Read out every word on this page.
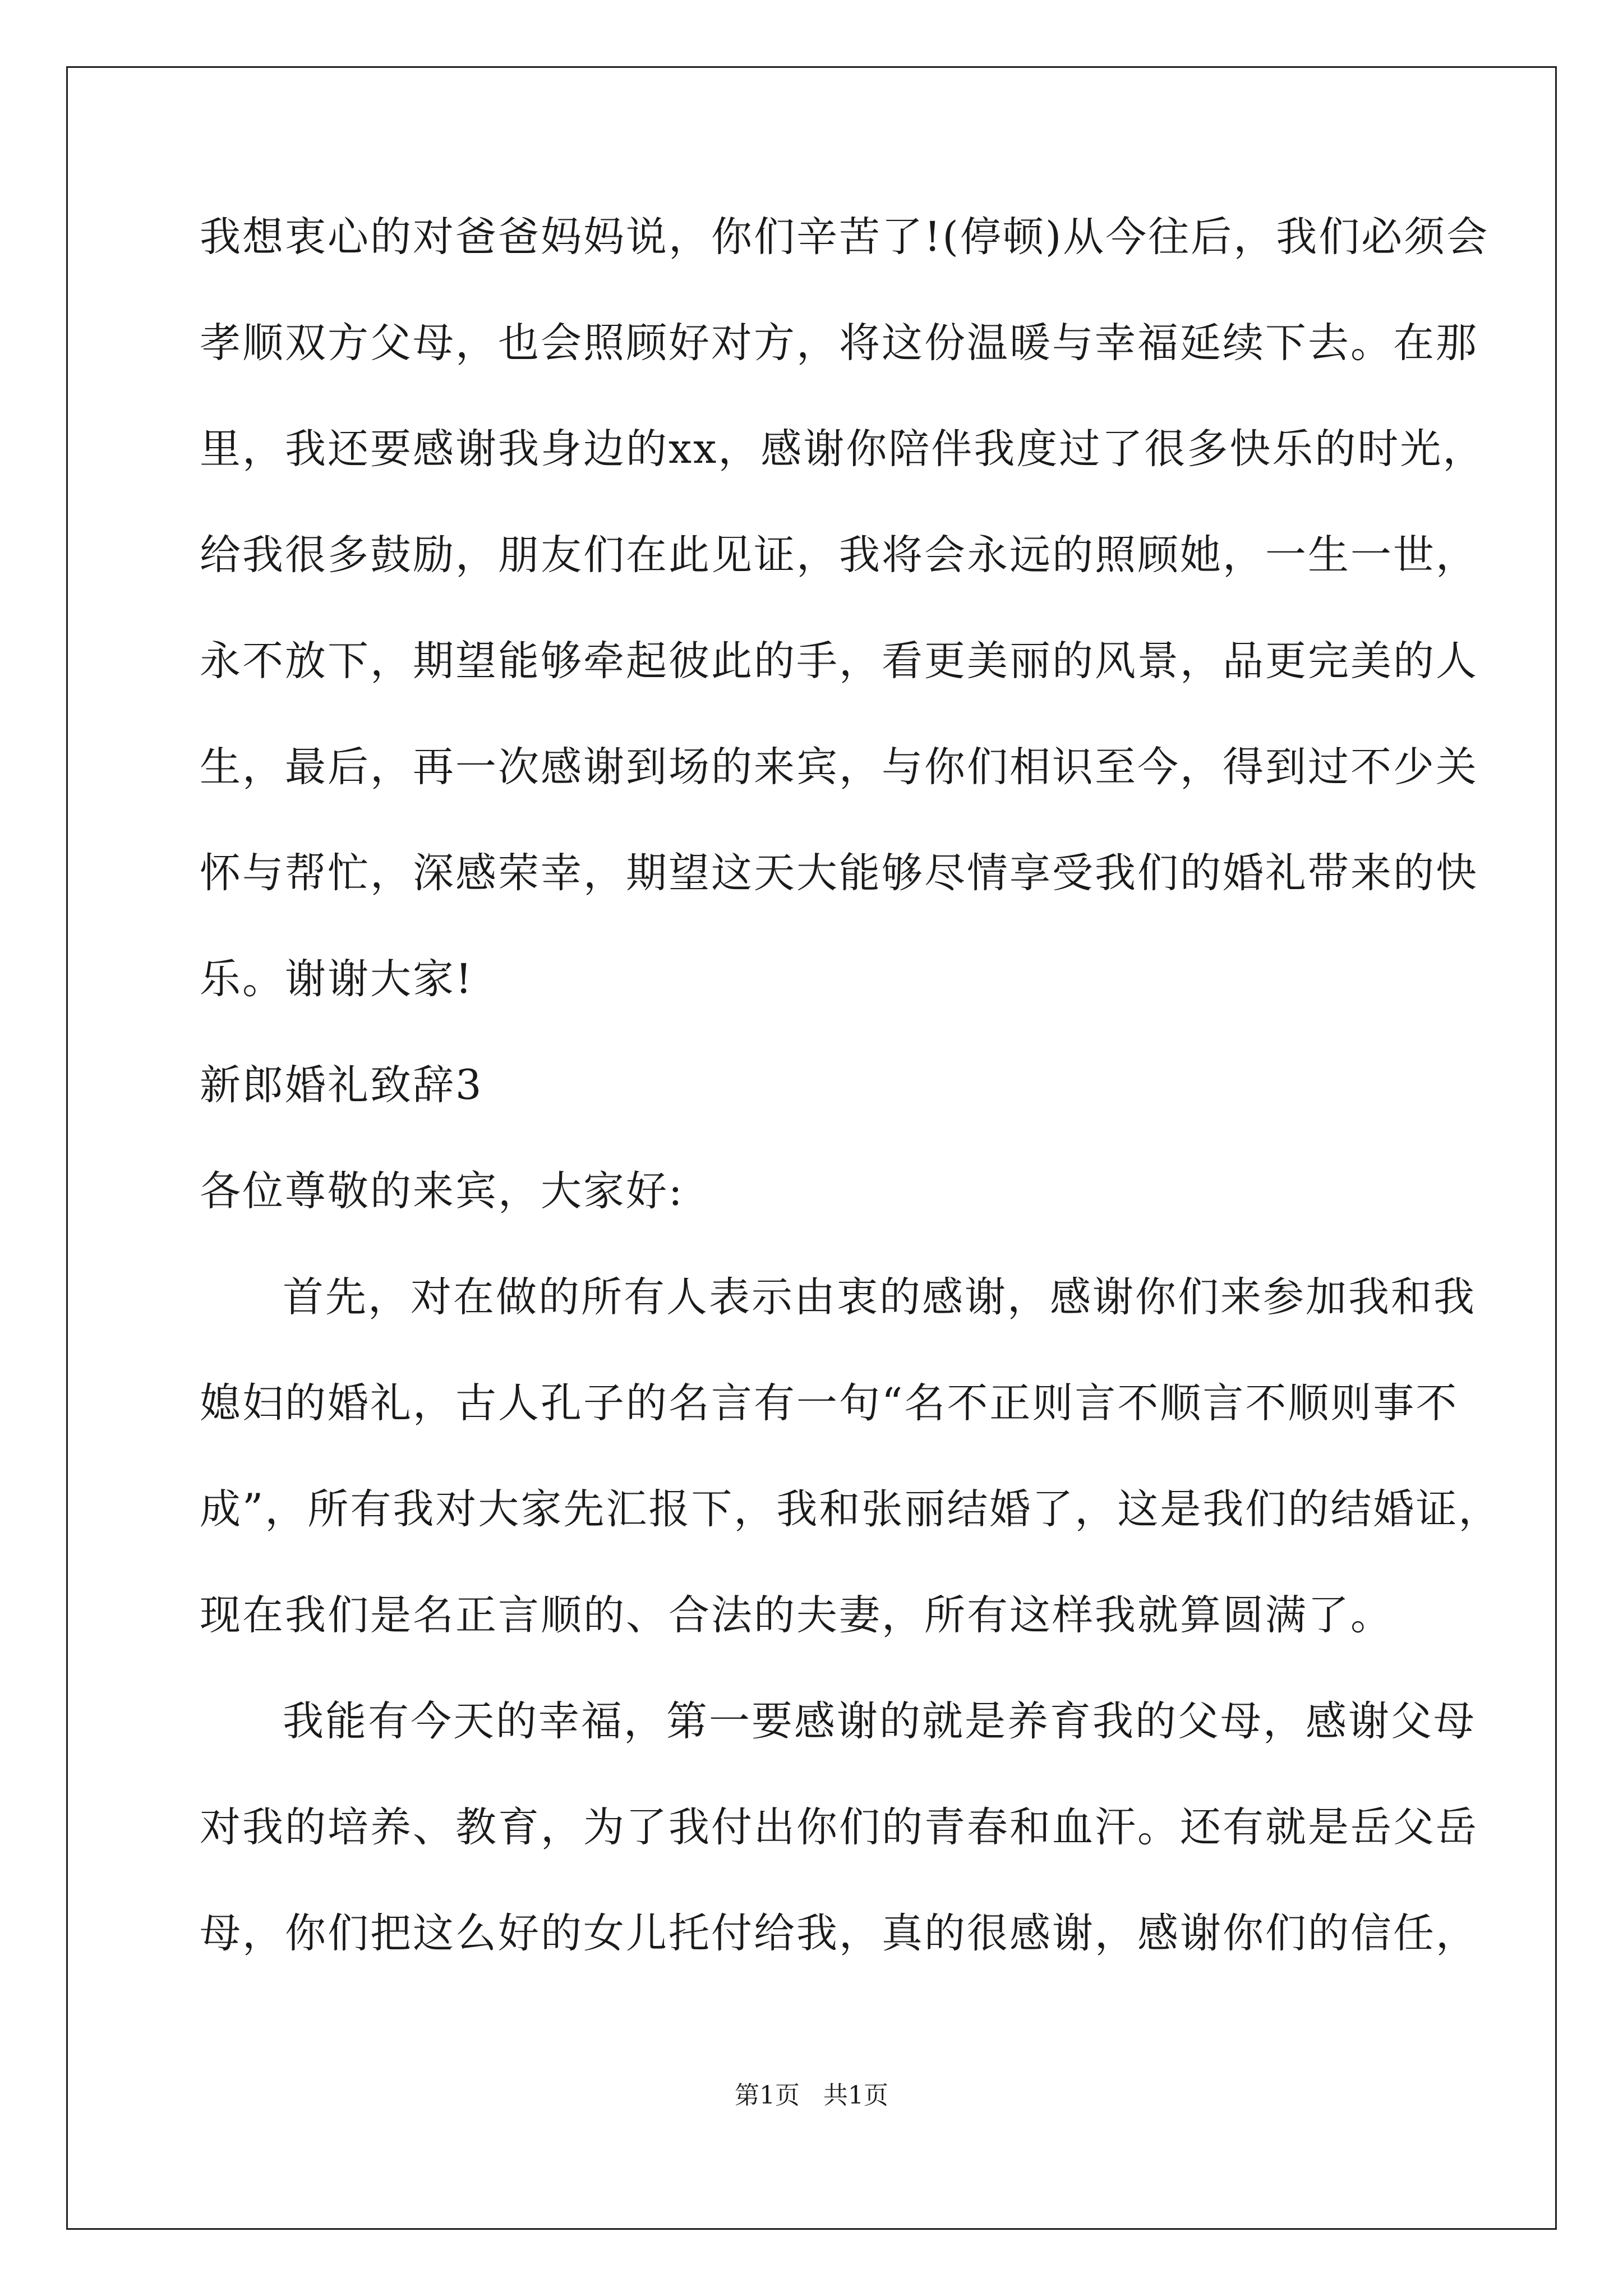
我想衷心的对爸爸妈妈说，你们辛苦了!(停顿)从今往后，我们必须会
孝顺双方父母，也会照顾好对方，将这份温暖与幸福延续下去。在那
里，我还要感谢我身边的xx，感谢你陪伴我度过了很多快乐的时光，
给我很多鼓励，朋友们在此见证，我将会永远的照顾她，一生一世，
永不放下，期望能够牵起彼此的手，看更美丽的风景，品更完美的人
生，最后，再一次感谢到场的来宾，与你们相识至今，得到过不少关
怀与帮忙，深感荣幸，期望这天大能够尽情享受我们的婚礼带来的快
乐。谢谢大家!
新郎婚礼致辞3
各位尊敬的来宾，大家好:
首先，对在做的所有人表示由衷的感谢，感谢你们来参加我和我
媳妇的婚礼，古人孔子的名言有一句“名不正则言不顺言不顺则事不
成”，所有我对大家先汇报下，我和张丽结婚了，这是我们的结婚证，
现在我们是名正言顺的、合法的夫妻，所有这样我就算圆满了。
我能有今天的幸福，第一要感谢的就是养育我的父母，感谢父母
对我的培养、教育，为了我付出你们的青春和血汗。还有就是岳父岳
母，你们把这么好的女儿托付给我，真的很感谢，感谢你们的信任，
第1页   共1页
